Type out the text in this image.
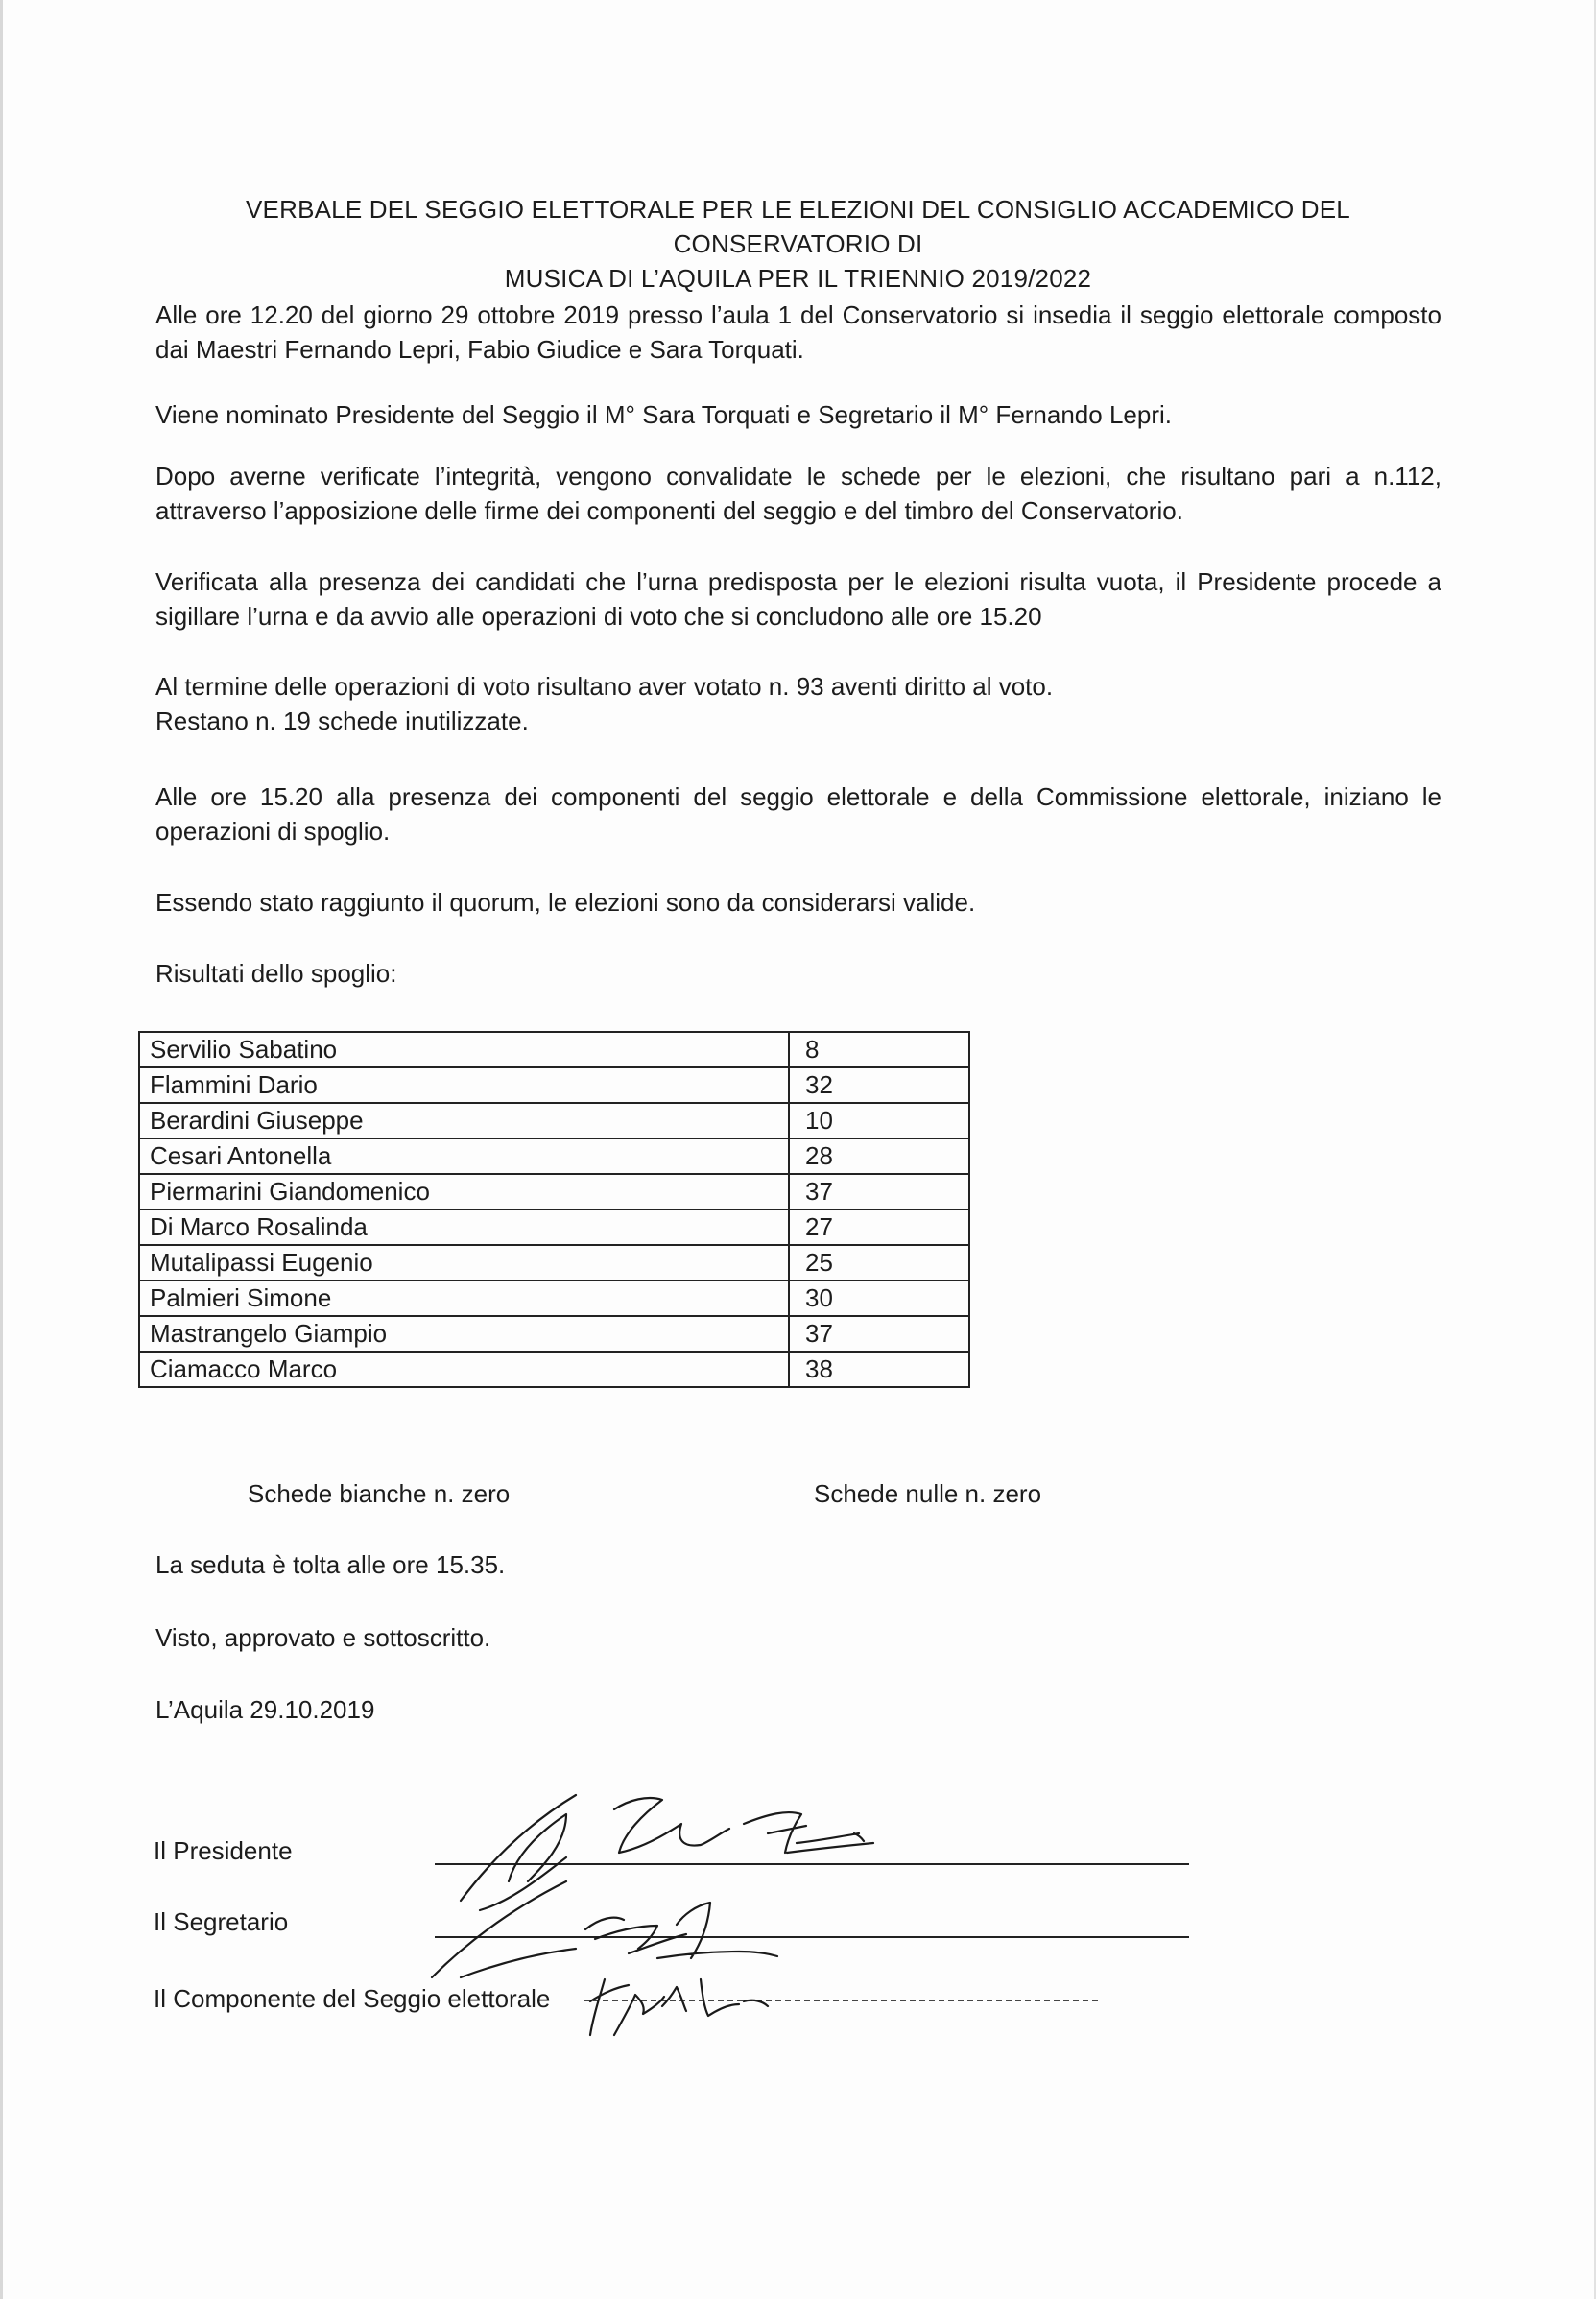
VERBALE DEL SEGGIO ELETTORALE PER LE ELEZIONI DEL CONSIGLIO ACCADEMICO DEL CONSERVATORIO DI
MUSICA DI L’AQUILA PER IL TRIENNIO 2019/2022
Alle ore 12.20 del giorno 29 ottobre 2019 presso l’aula 1 del Conservatorio si insedia il seggio elettorale composto dai Maestri Fernando Lepri, Fabio Giudice e Sara Torquati.
Viene nominato Presidente del Seggio il M° Sara Torquati e Segretario il M° Fernando Lepri.
Dopo averne verificate l’integrità, vengono convalidate le schede per le elezioni, che risultano pari a n.112, attraverso l’apposizione delle firme dei componenti del seggio e del timbro del Conservatorio.
Verificata alla presenza dei candidati che l’urna predisposta per le elezioni risulta vuota, il Presidente procede a sigillare l’urna e da avvio alle operazioni di voto che si concludono alle ore 15.20
Al termine delle operazioni di voto risultano aver votato n. 93 aventi diritto al voto.
Restano n. 19 schede inutilizzate.
Alle ore 15.20 alla presenza dei componenti del seggio elettorale e della Commissione elettorale, iniziano le operazioni di spoglio.
Essendo stato raggiunto il quorum, le elezioni sono da considerarsi valide.
Risultati dello spoglio:
Servilio Sabatino	8
Flammini Dario	32
Berardini Giuseppe	10
Cesari Antonella	28
Piermarini Giandomenico	37
Di Marco Rosalinda	27
Mutalipassi Eugenio	25
Palmieri Simone	30
Mastrangelo Giampio	37
Ciamacco Marco	38
Schede bianche n. zero	Schede nulle n. zero
La seduta è tolta alle ore 15.35.
Visto, approvato e sottoscritto.
L’Aquila 29.10.2019
Il Presidente
Il Segretario
Il Componente del Seggio elettorale
